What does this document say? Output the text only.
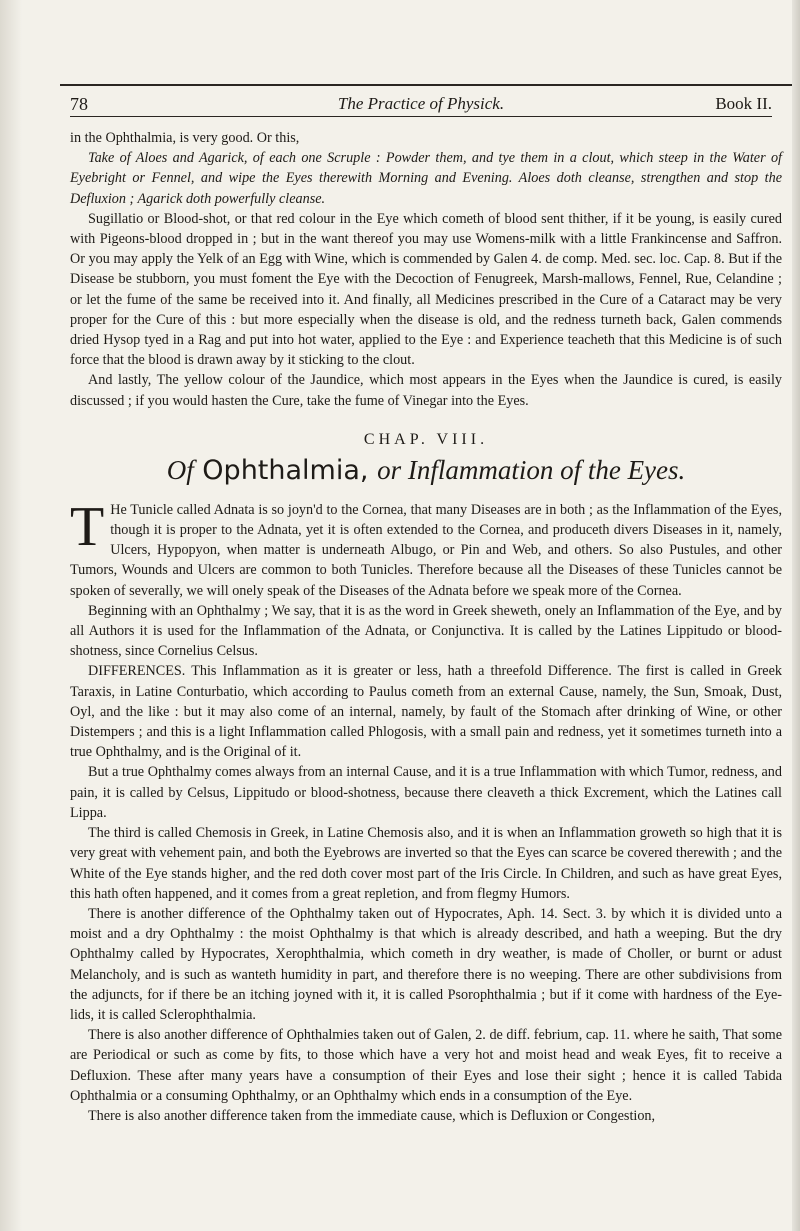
78	The Practice of Physick.	Book II.

in the Ophthalmia, is very good. Or this,

Take of Aloes and Agarick, of each one Scruple : Powder them, and tye them in a clout, which steep in the Water of Eyebright or Fennel, and wipe the Eyes therewith Morning and Evening. Aloes doth cleanse, strengthen and stop the Defluxion ; Agarick doth powerfully cleanse.

Sugillatio or Blood-shot, or that red colour in the Eye which cometh of blood sent thither, if it be young, is easily cured with Pigeons-blood dropped in ; but in the want thereof you may use Womens-milk with a little Frankincense and Saffron. Or you may apply the Yelk of an Egg with Wine, which is commended by Galen 4. de comp. Med. sec. loc. Cap. 8. But if the Disease be stubborn, you must foment the Eye with the Decoction of Fenugreek, Marsh-mallows, Fennel, Rue, Celandine ; or let the fume of the same be received into it. And finally, all Medicines prescribed in the Cure of a Cataract may be very proper for the Cure of this : but more especially when the disease is old, and the redness turneth back, Galen commends dried Hysop tyed in a Rag and put into hot water, applied to the Eye : and Experience teacheth that this Medicine is of such force that the blood is drawn away by it sticking to the clout.

And lastly, The yellow colour of the Jaundice, which most appears in the Eyes when the Jaundice is cured, is easily discussed ; if you would hasten the Cure, take the fume of Vinegar into the Eyes.

CHAP. VIII.
Of Ophthalmia, or Inflammation of the Eyes.
T He Tunicle called Adnata is so joyn'd to the Cornea, that many Diseases are in both ; as the Inflammation of the Eyes, though it is proper to the Adnata, yet it is often extended to the Cornea, and produceth divers Diseases in it, namely, Ulcers, Hypopyon, when matter is underneath Albugo, or Pin and Web, and others. So also Pustules, and other Tumors, Wounds and Ulcers are common to both Tunicles. Therefore because all the Diseases of these Tunicles cannot be spoken of severally, we will onely speak of the Diseases of the Adnata before we speak more of the Cornea.

Beginning with an Ophthalmy ; We say, that it is as the word in Greek sheweth, onely an Inflammation of the Eye, and by all Authors it is used for the Inflammation of the Adnata, or Conjunctiva. It is called by the Latines Lippitudo or blood-shotness, since Cornelius Celsus.

DIFFERENCES. This Inflammation as it is greater or less, hath a threefold Difference. The first is called in Greek Taraxis, in Latine Conturbatio, which according to Paulus cometh from an external Cause, namely, the Sun, Smoak, Dust, Oyl, and the like : but it may also come of an internal, namely, by fault of the Stomach after drinking of Wine, or other Distempers ; and this is a light Inflammation called Phlogosis, with a small pain and redness, yet it sometimes turneth into a true Ophthalmy, and is the Original of it.

But a true Ophthalmy comes always from an internal Cause, and it is a true Inflammation with which Tumor, redness, and pain, it is called by Celsus, Lippitudo or blood-shotness, because there cleaveth a thick Excrement, which the Latines call Lippa.

The third is called Chemosis in Greek, in Latine Chemosis also, and it is when an Inflammation groweth so high that it is very great with vehement pain, and both the Eyebrows are inverted so that the Eyes can scarce be covered therewith ; and the White of the Eye stands higher, and the red doth cover most part of the Iris Circle. In Children, and such as have great Eyes, this hath often happened, and it comes from a great repletion, and from flegmy Humors.

There is another difference of the Ophthalmy taken out of Hypocrates, Aph. 14. Sect. 3. by which it is divided unto a moist and a dry Ophthalmy : the moist Ophthalmy is that which is already described, and hath a weeping. But the dry Ophthalmy called by Hypocrates, Xerophthalmia, which cometh in dry weather, is made of Choller, or burnt or adust Melancholy, and is such as wanteth humidity in part, and therefore there is no weeping. There are other subdivisions from the adjuncts, for if there be an itching joyned with it, it is called Psorophthalmia ; but if it come with hardness of the Eye-lids, it is called Sclerophthalmia.

There is also another difference of Ophthalmies taken out of Galen, 2. de diff. febrium, cap. 11. where he saith, That some are Periodical or such as come by fits, to those which have a very hot and moist head and weak Eyes, fit to receive a Defluxion. These after many years have a consumption of their Eyes and lose their sight ; hence it is called Tabida Ophthalmia or a consuming Ophthalmy, or an Ophthalmy which ends in a consumption of the Eye.

There is also another difference taken from the immediate cause, which is Defluxion or Congestion,
